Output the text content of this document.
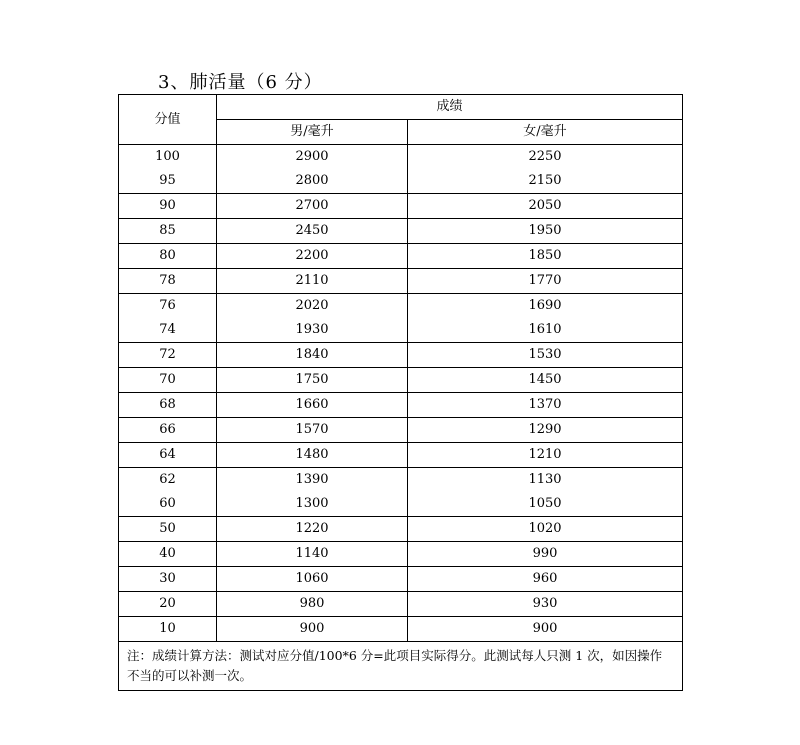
3、肺活量（6 分）
分值	成绩	
	男/毫升	女/毫升
100	2900	2250
95	2800	2150
90	2700	2050
85	2450	1950
80	2200	1850
78	2110	1770
76	2020	1690
74	1930	1610
72	1840	1530
70	1750	1450
68	1660	1370
66	1570	1290
64	1480	1210
62	1390	1130
60	1300	1050
50	1220	1020
40	1140	990
30	1060	960
20	980	930
10	900	900
注：成绩计算方法：测试对应分值/100*6 分=此项目实际得分。此测试每人只测 1 次，如因操作不当的可以补测一次。		
